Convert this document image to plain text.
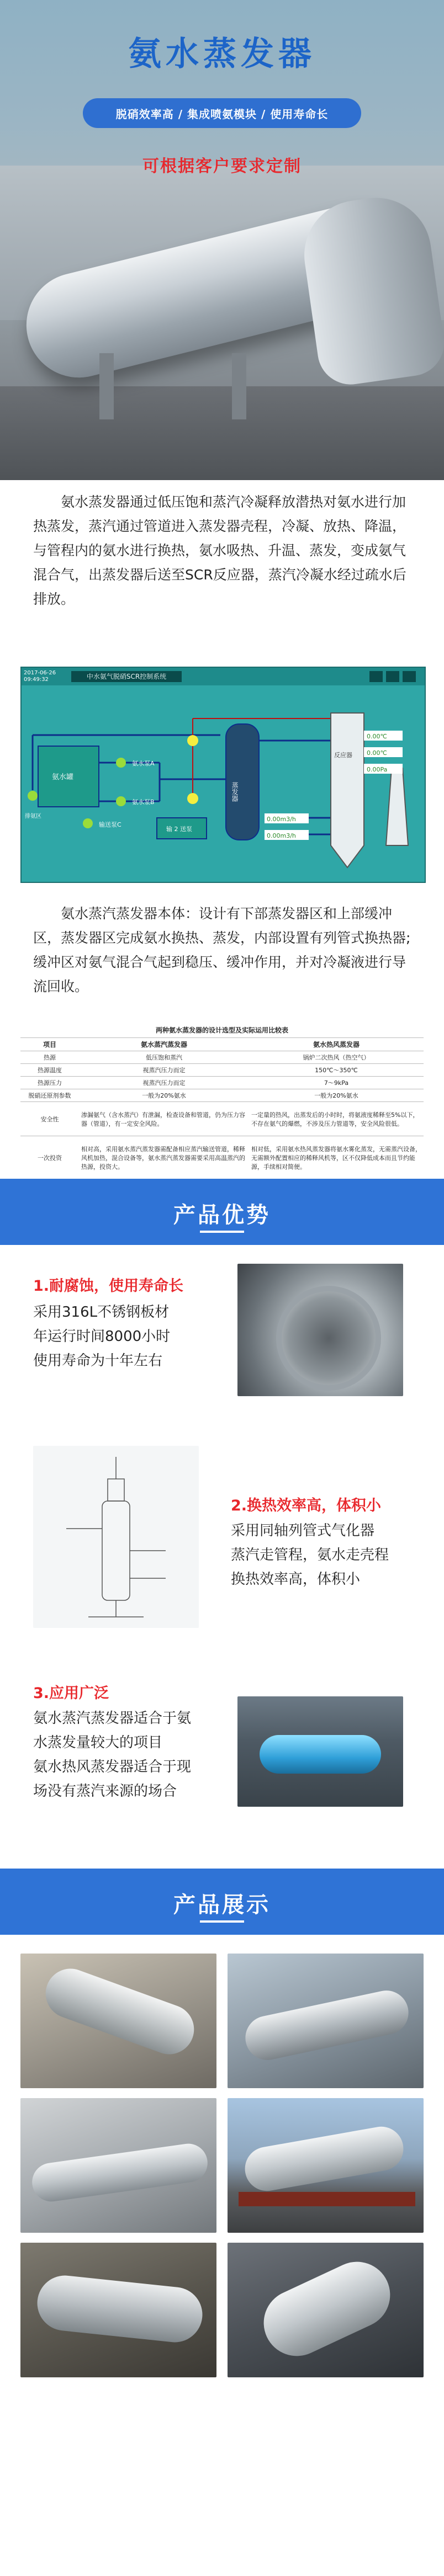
氨水蒸发器
脱硝效率高 / 集成喷氨模块 / 使用寿命长
可根据客户要求定制

氨水蒸发器通过低压饱和蒸汽冷凝释放潜热对氨水进行加热蒸发，蒸汽通过管道进入蒸发器壳程，冷凝、放热、降温，与管程内的氨水进行换热，氨水吸热、升温、蒸发，变成氨气混合气，出蒸发器后送至SCR反应器，蒸汽冷凝水经过疏水后排放。

2017-06-26
09:49:32	中水氨气脱硝SCR控制系统
氨水罐
氨水泵A
氨水泵B
排氨区
输送泵C
输 2 送泵
蒸发器
反应器
0.00℃
0.00℃
0.00Pa
0.00m3/h
0.00m3/h

氨水蒸汽蒸发器本体：设计有下部蒸发器区和上部缓冲区，蒸发器区完成氨水换热、蒸发，内部设置有列管式换热器;缓冲区对氨气混合气起到稳压、缓冲作用，并对冷凝液进行导流回收。

两种氨水蒸发器的设计选型及实际运用比较表
项目	氨水蒸汽蒸发器	氨水热风蒸发器
热源	低压饱和蒸汽	锅炉二次热风（热空气）
热源温度	视蒸汽压力而定	150℃～350℃
热源压力	视蒸汽压力而定	7～9kPa
脱硝还原剂参数	一般为20%氨水	一般为20%氨水
安全性	渗漏氨气（含水蒸汽）有泄漏，检查设备和管道，仍为压力容器（管道），有一定安全风险。	一定量的热风，出蒸发后的小时时，将氨液度稀释至5%以下，不存在氨气的爆燃，不涉及压力管道等，安全风险很低。
一次投资	相对高，采用氨水蒸汽蒸发器需配备相应蒸汽输送管道，稀释风机加热，混合设备等，氨水蒸汽蒸发器需要采用高温蒸汽的热源，投资大。	相对低，采用氨水热风蒸发器将氨水雾化蒸发，无需蒸汽设备，无需额外配置相应的稀释风机等，区不仅降低成本而且节约能源，手续相对简便。

产品优势
1.耐腐蚀，使用寿命长
采用316L不锈钢板材
年运行时间8000小时
使用寿命为十年左右
2.换热效率高，体积小
采用同轴列管式气化器
蒸汽走管程，氨水走壳程
换热效率高，体积小
3.应用广泛
氨水蒸汽蒸发器适合于氨
水蒸发量较大的项目
氨水热风蒸发器适合于现
场没有蒸汽来源的场合
产品展示
